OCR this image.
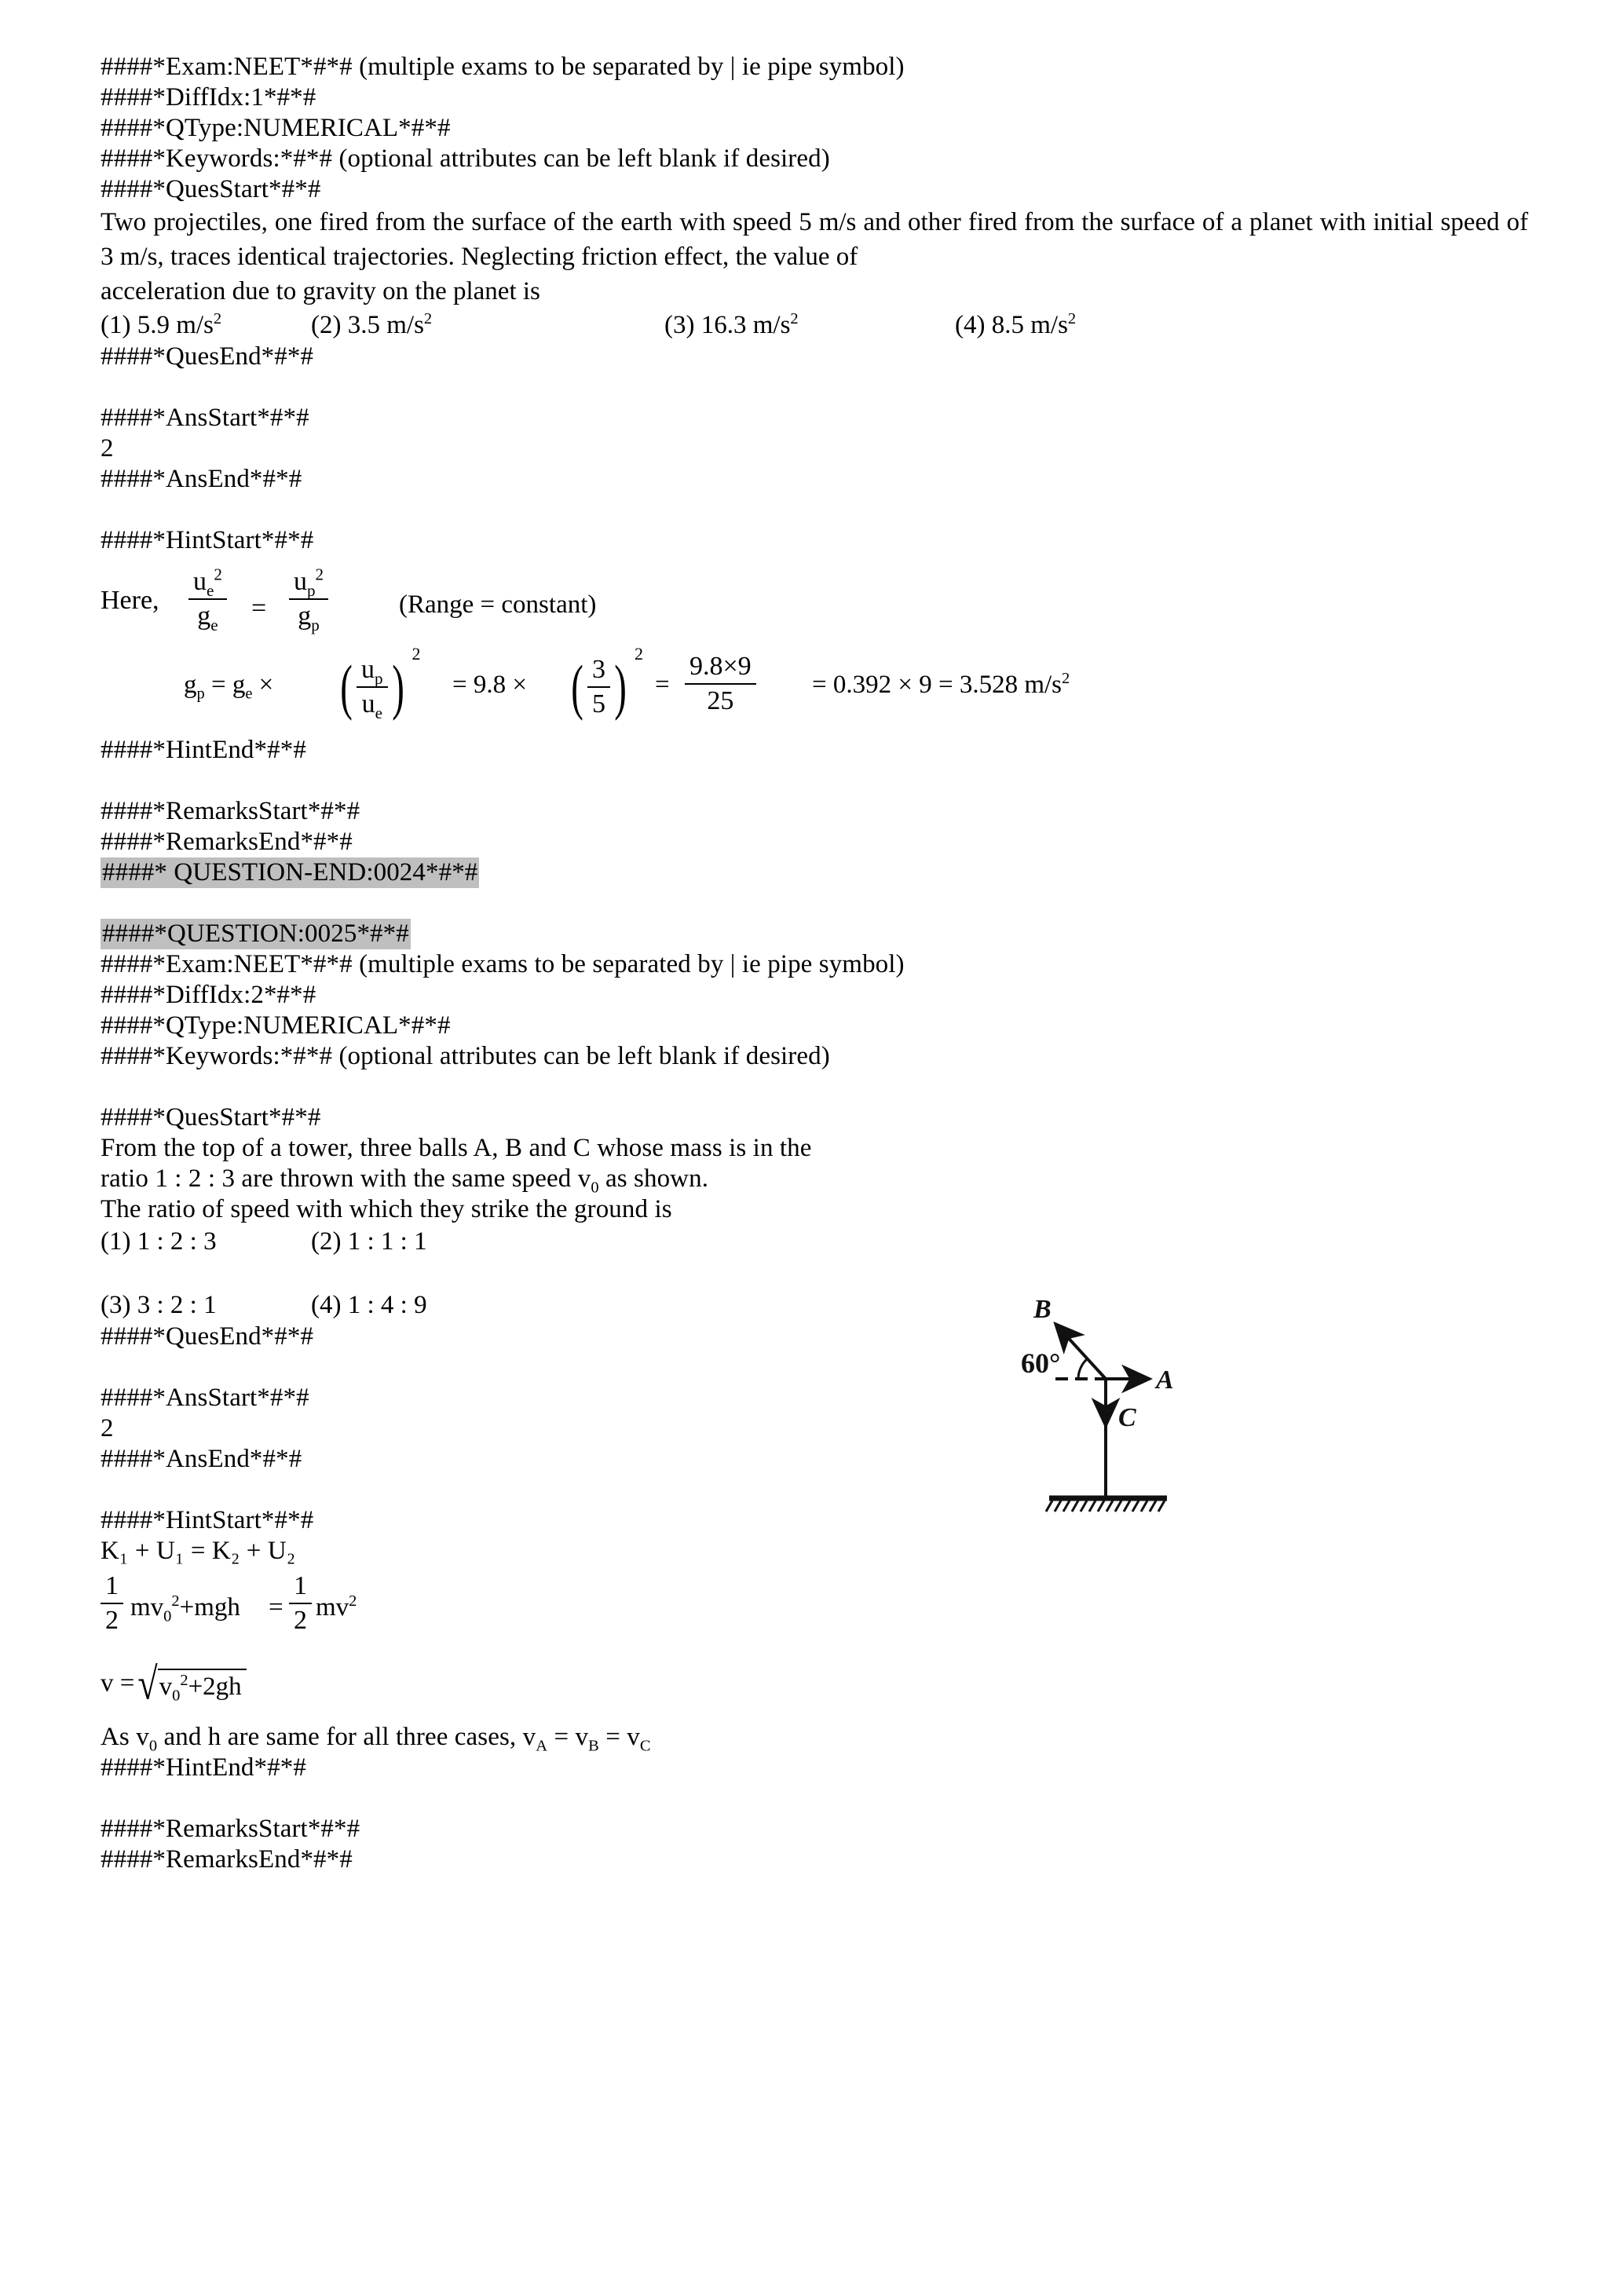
####*Exam:NEET*#*# (multiple exams to be separated by | ie pipe symbol)
####*DiffIdx:1*#*#
####*QType:NUMERICAL*#*#
####*Keywords:*#*# (optional attributes can be left blank if desired)
####*QuesStart*#*#
Two projectiles, one fired from the surface of the earth with speed 5 m/s and other fired from the surface of a planet with initial speed of 3 m/s, traces identical trajectories. Neglecting friction effect, the value of
acceleration due to gravity on the planet is
(1) 5.9 $m/s^2$	(2) 3.5 $m/s^2$	(3) 16.3 $m/s^2$	(4) 8.5 $m/s^2$
####*QuesEnd*#*#
####*AnsStart*#*#
2
####*AnsEnd*#*#
####*HintStart*#*#
Here,
$u_e^2$
$g_e$
=
$u_p^2$
$g_p$
(Range = constant)
$g_p = g_e$ × ( $\frac{u_p}{u_e}$ ) 2
= 9.8 × ( $\frac{3}{5}$ ) 2
= $\frac{9.8\times 9}{25} = 0.392 \times 9 = 3.528$ $m/s^2$
####*HintEnd*#*#
####*RemarksStart*#*#
####*RemarksEnd*#*#
####* QUESTION-END:0024*#*#
####*QUESTION:0025*#*#
####*Exam:NEET*#*# (multiple exams to be separated by | ie pipe symbol)
####*DiffIdx:2*#*#
####*QType:NUMERICAL*#*#
####*Keywords:*#*# (optional attributes can be left blank if desired)
####*QuesStart*#*#
From the top of a tower, three balls A, B and C whose mass is in the
ratio 1 : 2 : 3 are thrown with the same speed $v_0$ as shown.
The ratio of speed with which they strike the ground is
(1) 1 : 2 : 3	(2) 1 : 1 : 1
(3) 3 : 2 : 1	(4) 1 : 4 : 9
####*QuesEnd*#*#
####*AnsStart*#*#
2
####*AnsEnd*#*#
####*HintStart*#*#
K₁ + U₁ = K₂ + U₂
$\frac{1}{2} mv_0^2+mgh = \frac{1}{2} mv^2$
$v =√v_0^2+2gh$
As $v_0$ and h are same for all three cases, $v_A = v_B = v_C$
####*HintEnd*#*#
####*RemarksStart*#*#
####*RemarksEnd*#*#
B
A
C
60°
